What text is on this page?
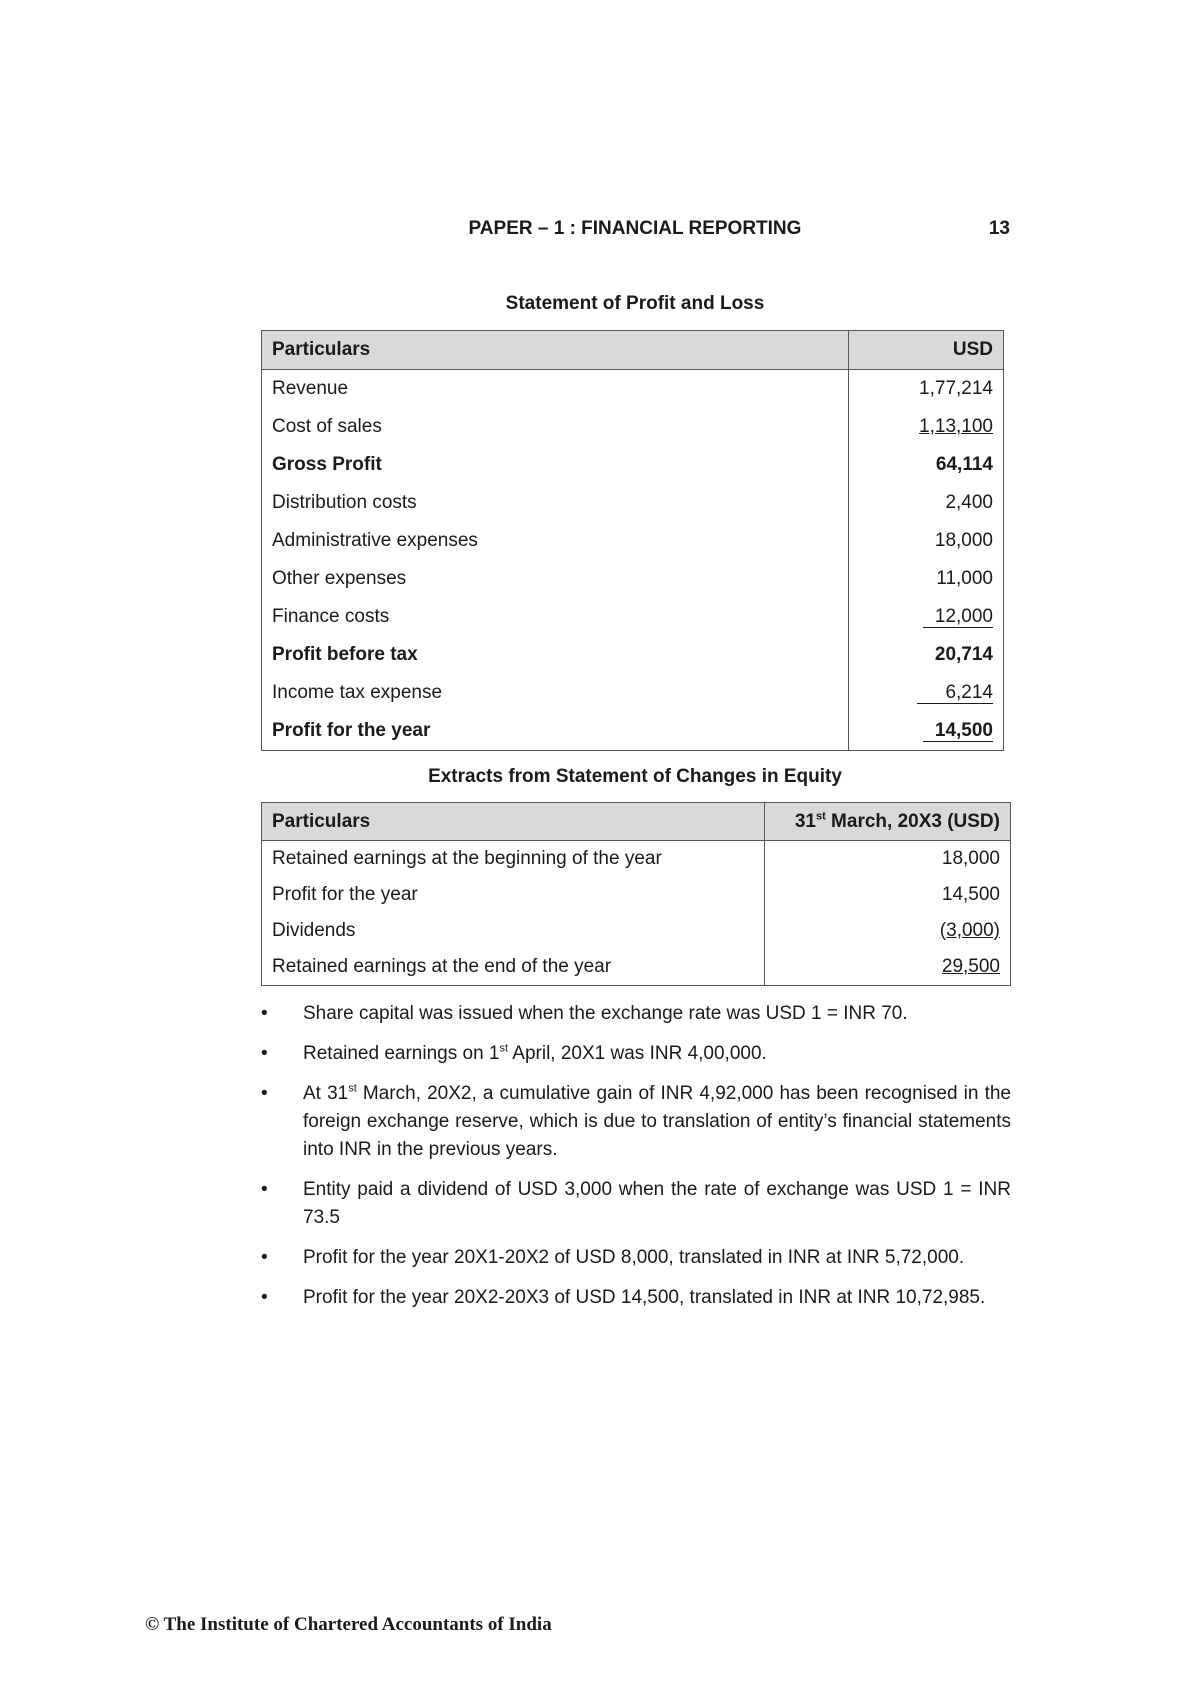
PAPER – 1 : FINANCIAL REPORTING	13
Statement of Profit and Loss
Particulars	USD
Revenue	1,77,214
Cost of sales	1,13,100
Gross Profit	64,114
Distribution costs	2,400
Administrative expenses	18,000
Other expenses	11,000
Finance costs	12,000
Profit before tax	20,714
Income tax expense	6,214
Profit for the year	14,500
Extracts from Statement of Changes in Equity
Particulars	31st March, 20X3 (USD)
Retained earnings at the beginning of the year	18,000
Profit for the year	14,500
Dividends	(3,000)
Retained earnings at the end of the year	29,500
• Share capital was issued when the exchange rate was USD 1 = INR 70.
• Retained earnings on 1st April, 20X1 was INR 4,00,000.
• At 31st March, 20X2, a cumulative gain of INR 4,92,000 has been recognised in the foreign exchange reserve, which is due to translation of entity’s financial statements into INR in the previous years.
• Entity paid a dividend of USD 3,000 when the rate of exchange was USD 1 = INR 73.5
• Profit for the year 20X1-20X2 of USD 8,000, translated in INR at INR 5,72,000.
• Profit for the year 20X2-20X3 of USD 14,500, translated in INR at INR 10,72,985.
© The Institute of Chartered Accountants of India
